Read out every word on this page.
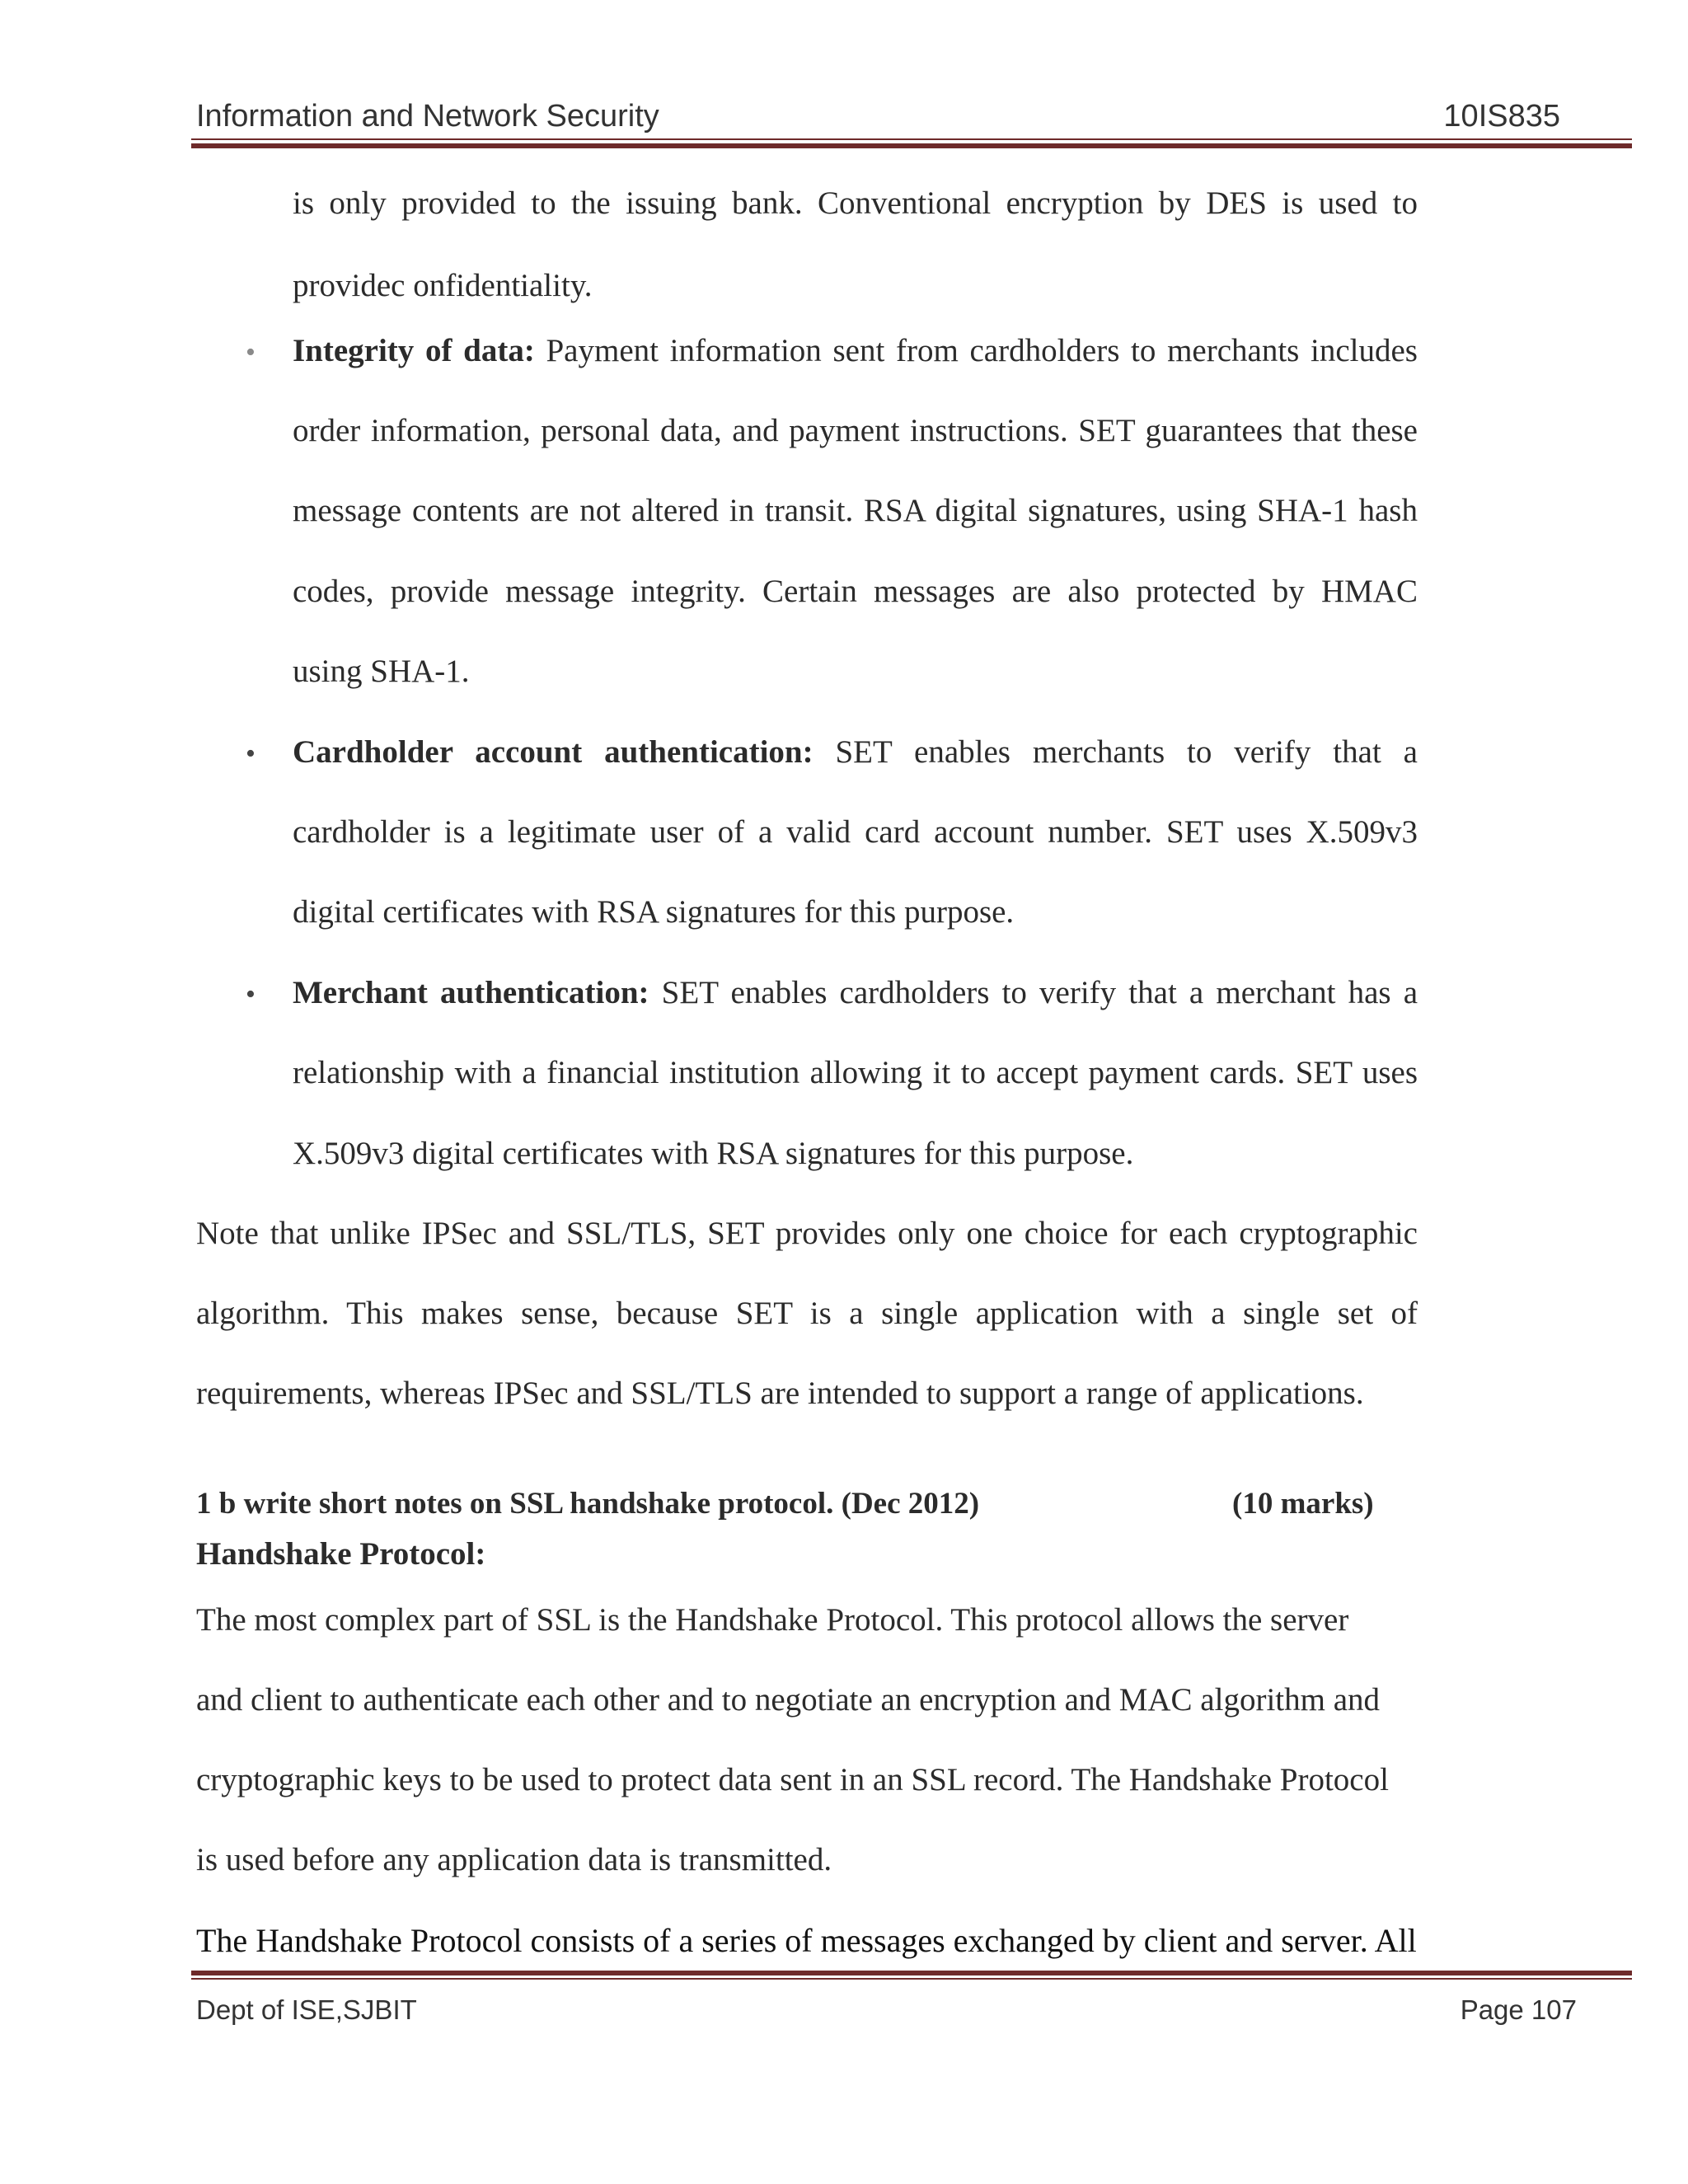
Information and Network Security	10IS835
is only provided to the issuing bank. Conventional encryption by DES is used to
providec onfidentiality.
• Integrity of data: Payment information sent from cardholders to merchants includes
order information, personal data, and payment instructions. SET guarantees that these
message contents are not altered in transit. RSA digital signatures, using SHA-1 hash
codes, provide message integrity. Certain messages are also protected by HMAC
using SHA-1.
• Cardholder account authentication: SET enables merchants to verify that a
cardholder is a legitimate user of a valid card account number. SET uses X.509v3
digital certificates with RSA signatures for this purpose.
• Merchant authentication: SET enables cardholders to verify that a merchant has a
relationship with a financial institution allowing it to accept payment cards. SET uses
X.509v3 digital certificates with RSA signatures for this purpose.
Note that unlike IPSec and SSL/TLS, SET provides only one choice for each cryptographic
algorithm. This makes sense, because SET is a single application with a single set of
requirements, whereas IPSec and SSL/TLS are intended to support a range of applications.
1 b write short notes on SSL handshake protocol. (Dec 2012)	(10 marks)
Handshake Protocol:
The most complex part of SSL is the Handshake Protocol. This protocol allows the server
and client to authenticate each other and to negotiate an encryption and MAC algorithm and
cryptographic keys to be used to protect data sent in an SSL record. The Handshake Protocol
is used before any application data is transmitted.
The Handshake Protocol consists of a series of messages exchanged by client and server. All
Dept of ISE,SJBIT	Page 107
